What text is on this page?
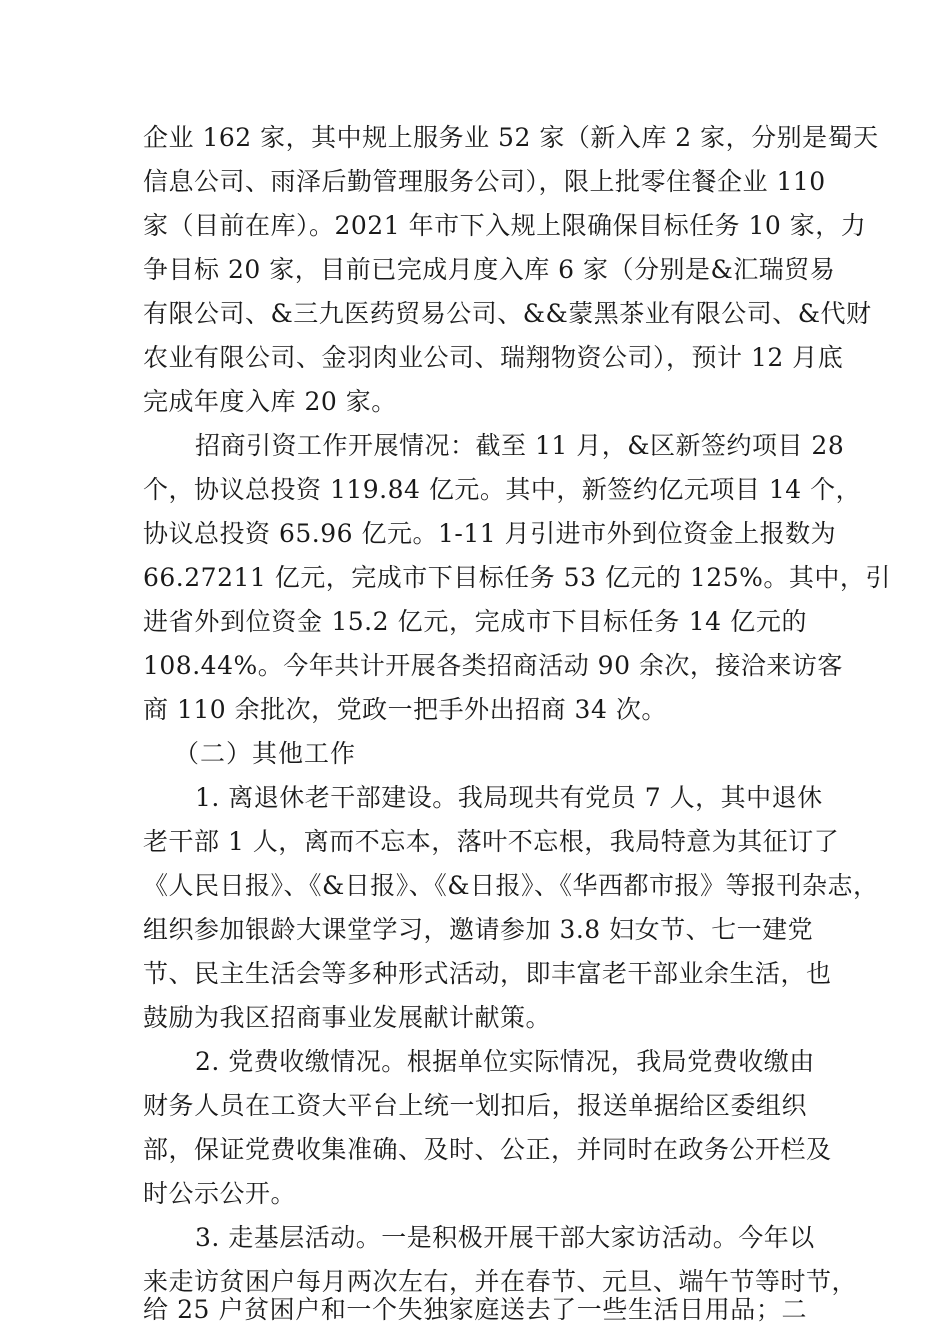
企业 162 家，其中规上服务业 52 家（新入库 2 家，分别是蜀天
信息公司、雨泽后勤管理服务公司），限上批零住餐企业 110
家（目前在库）。2021 年市下入规上限确保目标任务 10 家，力
争目标 20 家，目前已完成月度入库 6 家（分别是&汇瑞贸易
有限公司、&三九医药贸易公司、&&蒙黑茶业有限公司、&代财
农业有限公司、金羽肉业公司、瑞翔物资公司），预计 12 月底
完成年度入库 20 家。
招商引资工作开展情况：截至 11 月，&区新签约项目 28
个，协议总投资 119.84 亿元。其中，新签约亿元项目 14 个，
协议总投资 65.96 亿元。1-11 月引进市外到位资金上报数为
66.27211 亿元，完成市下目标任务 53 亿元的 125%。其中，引
进省外到位资金 15.2 亿元，完成市下目标任务 14 亿元的
108.44%。今年共计开展各类招商活动 90 余次，接洽来访客
商 110 余批次，党政一把手外出招商 34 次。
（二）其他工作
1. 离退休老干部建设。我局现共有党员 7 人，其中退休
老干部 1 人，离而不忘本，落叶不忘根，我局特意为其征订了
《人民日报》、《&日报》、《&日报》、《华西都市报》等报刊杂志，
组织参加银龄大课堂学习，邀请参加 3.8 妇女节、七一建党
节、民主生活会等多种形式活动，即丰富老干部业余生活，也
鼓励为我区招商事业发展献计献策。
2. 党费收缴情况。根据单位实际情况，我局党费收缴由
财务人员在工资大平台上统一划扣后，报送单据给区委组织
部，保证党费收集准确、及时、公正，并同时在政务公开栏及
时公示公开。
3. 走基层活动。一是积极开展干部大家访活动。今年以
来走访贫困户每月两次左右，并在春节、元旦、端午节等时节，
给 25 户贫困户和一个失独家庭送去了一些生活日用品；二
